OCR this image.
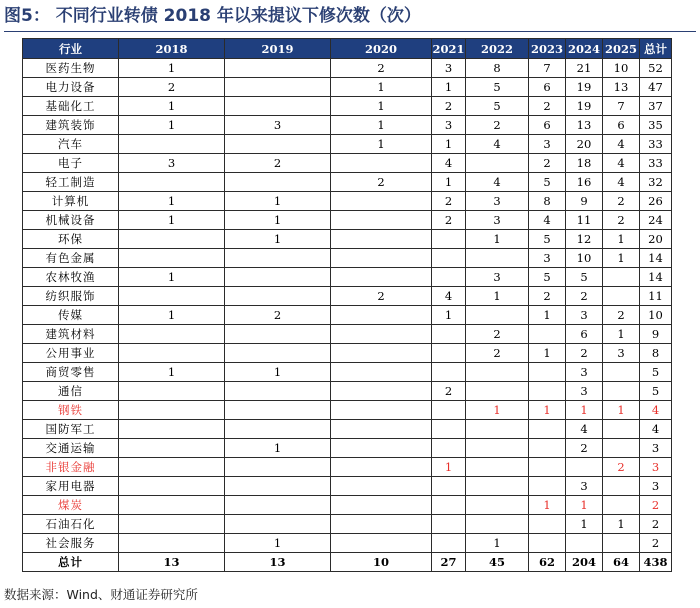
图5： 不同行业转债 2018 年以来提议下修次数（次）
行业	2018	2019	2020	2021	2022	2023	2024	2025	总计
医药生物	1		2	3	8	7	21	10	52
电力设备	2		1	1	5	6	19	13	47
基础化工	1		1	2	5	2	19	7	37
建筑装饰	1	3	1	3	2	6	13	6	35
汽车			1	1	4	3	20	4	33
电子	3	2		4		2	18	4	33
轻工制造			2	1	4	5	16	4	32
计算机	1	1		2	3	8	9	2	26
机械设备	1	1		2	3	4	11	2	24
环保		1			1	5	12	1	20
有色金属						3	10	1	14
农林牧渔	1				3	5	5		14
纺织服饰			2	4	1	2	2		11
传媒	1	2		1		1	3	2	10
建筑材料					2		6	1	9
公用事业					2	1	2	3	8
商贸零售	1	1					3		5
通信				2			3		5
钢铁					1	1	1	1	4
国防军工							4		4
交通运输		1					2		3
非银金融				1				2	3
家用电器							3		3
煤炭						1	1		2
石油石化							1	1	2
社会服务		1			1				2
总计	13	13	10	27	45	62	204	64	438
数据来源：Wind、财通证券研究所
